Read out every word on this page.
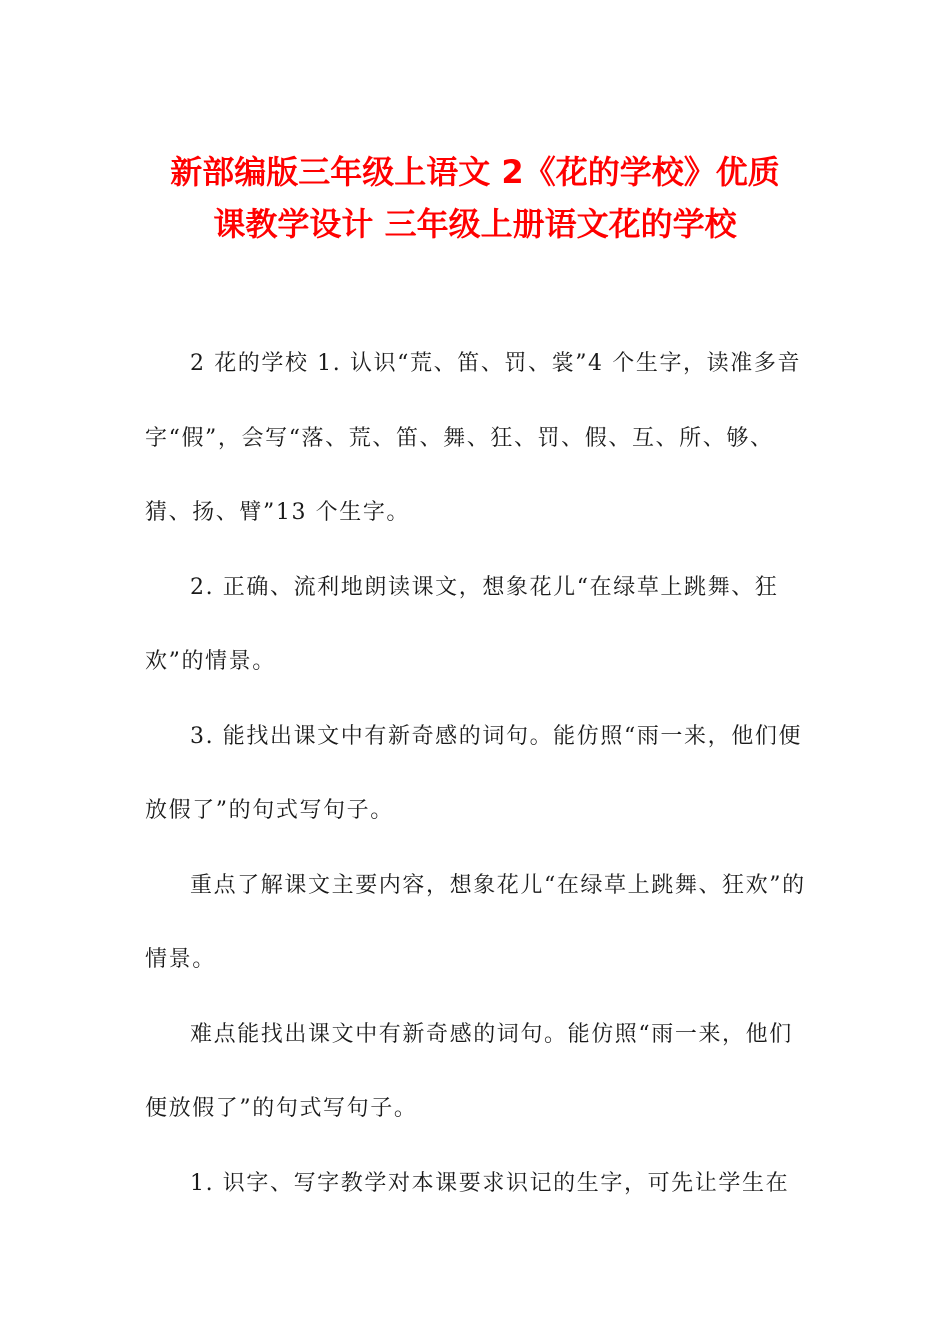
新部编版三年级上语文 2《花的学校》优质
课教学设计 三年级上册语文花的学校

2 花的学校 1. 认识“荒、笛、罚、裳”4 个生字，读准多音字“假”，会写“落、荒、笛、舞、狂、罚、假、互、所、够、猜、扬、臂”13 个生字。

2. 正确、流利地朗读课文，想象花儿“在绿草上跳舞、狂欢”的情景。

3. 能找出课文中有新奇感的词句。能仿照“雨一来，他们便放假了”的句式写句子。

重点了解课文主要内容，想象花儿“在绿草上跳舞、狂欢”的情景。

难点能找出课文中有新奇感的词句。能仿照“雨一来，他们便放假了”的句式写句子。

1. 识字、写字教学对本课要求识记的生字，可先让学生在
